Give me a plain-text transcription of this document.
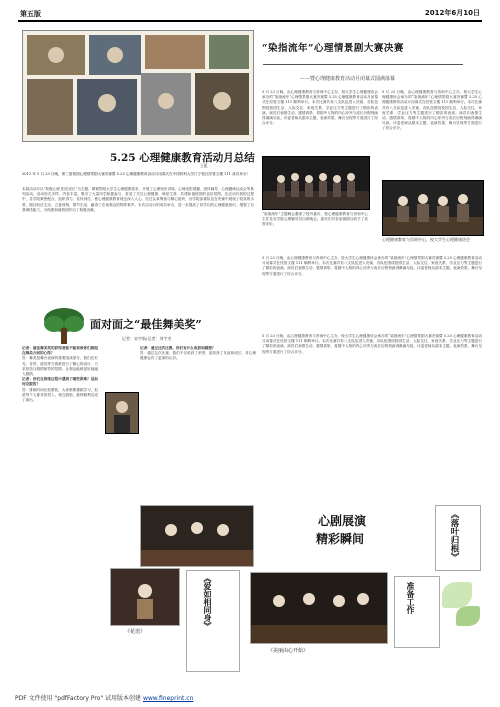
第五版	2012年6月10日
“染指流年”心理情景剧大赛决赛
——暨心理健康教育活动月闭幕式圆满落幕
5.25 心理健康教育活动月总结
王虹
2012 年 5 月 23 日晚，第三届校园心理情景剧大赛决赛暨 5.25 心理健康教育活动月闭幕式在中国药科大学江宁校区经管文楼 111 成功举办！
本届活动月以“积极心理 阳光成长”为主题，紧紧围绕大学生心理健康需求，开展了心理知识讲座、心理电影展播、团体辅导、心理趣味运动会等系列活动。活动形式多样、内容丰富，吸引了大量同学积极参与，营造了关注心理健康、珍爱生命、共建和谐校园的良好氛围。在活动开展的过程中，各学院紧密配合，组织得力，宣传到位，使心理健康教育理念深入人心。经过认真筹备与精心组织，各学院参赛队伍在决赛中展现了较高的水准，剧目贴近生活，立意深刻，情节生动，赢得了在场观众的阵阵掌声。本次活动月的成功举办，进一步提高了同学们的心理健康意识，增强了自我调适能力，为构建和谐校园作出了积极贡献。
5 月 23 日晚，由心理健康教育与咨询中心主办、校大学生心理健康协会承办的“染指流年”心理情景剧大赛决赛暨 5.25 心理健康教育活动月闭幕式在经管文楼 111 顺利举行。本次比赛共有八支队伍进入决赛，各队伍围绕校园生活、人际交往、家庭关系、学业压力等主题进行了精彩的表演。演员们表情生动、感情真挚，将剧中人物的内心冲突与成长历程刻画得淋漓尽致。评委老师从剧本主题、表演效果、舞台呈现等方面进行了综合评分。
5 月 23 日晚，由心理健康教育与咨询中心主办、校大学生心理健康协会承办的“染指流年”心理情景剧大赛决赛暨 5.25 心理健康教育活动月闭幕式在经管文楼 111 顺利举行。本次比赛共有八支队伍进入决赛，各队伍围绕校园生活、人际交往、家庭关系、学业压力等主题进行了精彩的表演。演员们表情生动、感情真挚，将剧中人物的内心冲突与成长历程刻画得淋漓尽致。评委老师从剧本主题、表演效果、舞台呈现等方面进行了综合评分。
“染指流年”主题晚会邀请了校外嘉宾、校心理健康教育与咨询中心主任及各学院心理辅导员出席晚会。嘉宾们对各参赛剧目给予了高度评价。
心理健康教育与咨询中心、校大学生心理健康协会
面对面之“最佳舞美奖”
记者：宋宇航/记者：刘宇杰
记者：最佳舞美奖的获得者能不能谈谈你们剧组在舞美方面的心得？
答：舞美是舞台表演的重要组成部分，我们在灯光、音效、道具等方面都进行了精心的设计，力求营造与剧情相符的氛围，让观众能够更好地融入剧情。
记者：你们在排练过程中遇到了哪些困难？是如何克服的？
答：排练时间比较紧张，大家都要兼顾学习，但是每个人都非常投入，相互鼓励，最终顺利完成了演出。
记者：通过这次比赛，你们有什么收获和感想？
答：通过这次比赛，我们不仅收获了荣誉，更收获了友谊和成长，对心理健康也有了更深的认识。
5 月 23 日晚，由心理健康教育与咨询中心主办、校大学生心理健康协会承办的“染指流年”心理情景剧大赛决赛暨 5.25 心理健康教育活动月闭幕式在经管文楼 111 顺利举行。本次比赛共有八支队伍进入决赛，各队伍围绕校园生活、人际交往、家庭关系、学业压力等主题进行了精彩的表演。演员们表情生动、感情真挚，将剧中人物的内心冲突与成长历程刻画得淋漓尽致。评委老师从剧本主题、表演效果、舞台呈现等方面进行了综合评分。
5 月 23 日晚，由心理健康教育与咨询中心主办、校大学生心理健康协会承办的“染指流年”心理情景剧大赛决赛暨 5.25 心理健康教育活动月闭幕式在经管文楼 111 顺利举行。本次比赛共有八支队伍进入决赛，各队伍围绕校园生活、人际交往、家庭关系、学业压力等主题进行了精彩的表演。演员们表情生动、感情真挚，将剧中人物的内心冲突与成长历程刻画得淋漓尽致。评委老师从剧本主题、表演效果、舞台呈现等方面进行了综合评分。
心剧展演
精彩瞬间	《落叶归根》
《花语》
《爱如相同身》
《美丽由心开始》
准备工作
PDF 文件使用 "pdfFactory Pro" 试用版本创建 www.fineprint.cn
